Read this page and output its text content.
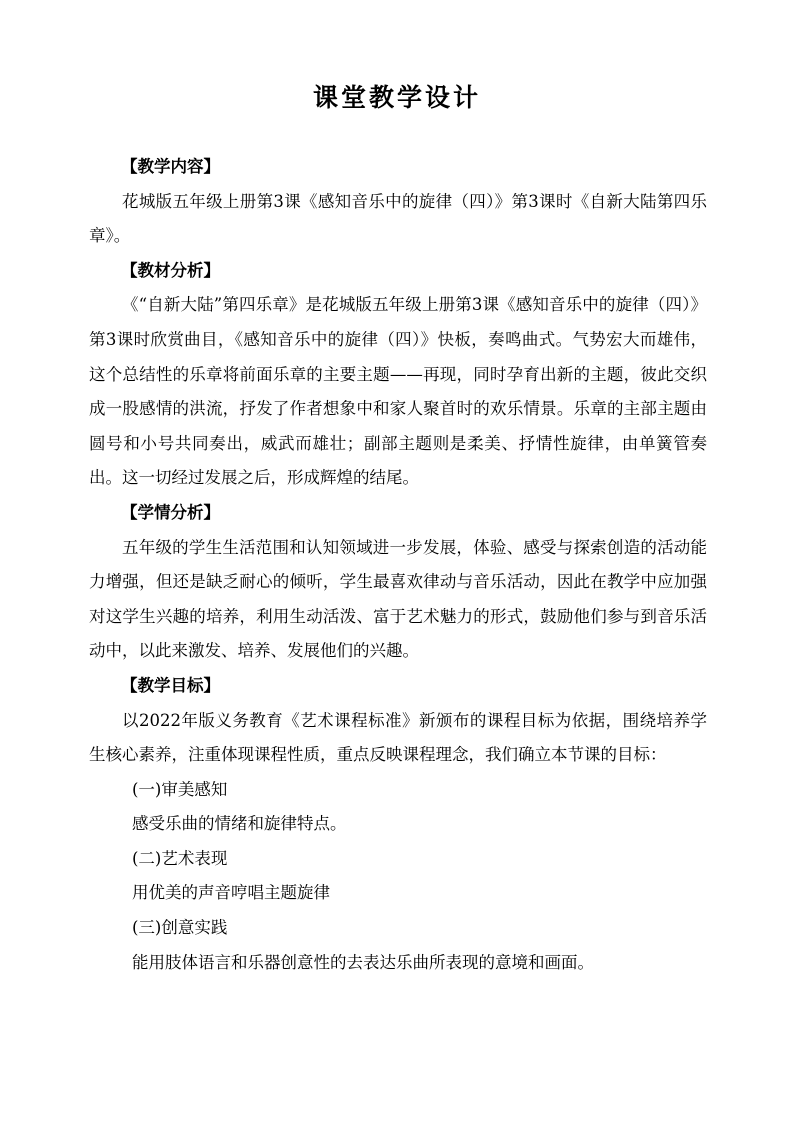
课堂教学设计

【教学内容】

花城版五年级上册第3课《感知音乐中的旋律（四）》第3课时《自新大陆第四乐章》。

【教材分析】

《“自新大陆”第四乐章》是花城版五年级上册第3课《感知音乐中的旋律（四）》第3课时欣赏曲目，《感知音乐中的旋律（四）》快板，奏鸣曲式。气势宏大而雄伟，这个总结性的乐章将前面乐章的主要主题——再现，同时孕育出新的主题，彼此交织成一股感情的洪流，抒发了作者想象中和家人聚首时的欢乐情景。乐章的主部主题由圆号和小号共同奏出，威武而雄壮；副部主题则是柔美、抒情性旋律，由单簧管奏出。这一切经过发展之后，形成辉煌的结尾。

【学情分析】

五年级的学生生活范围和认知领域进一步发展，体验、感受与探索创造的活动能力增强，但还是缺乏耐心的倾听，学生最喜欢律动与音乐活动，因此在教学中应加强对这学生兴趣的培养，利用生动活泼、富于艺术魅力的形式，鼓励他们参与到音乐活动中，以此来激发、培养、发展他们的兴趣。

【教学目标】

以2022年版义务教育《艺术课程标准》新颁布的课程目标为依据，围绕培养学生核心素养，注重体现课程性质，重点反映课程理念，我们确立本节课的目标：

(一)审美感知

感受乐曲的情绪和旋律特点。

(二)艺术表现

用优美的声音哼唱主题旋律

(三)创意实践

能用肢体语言和乐器创意性的去表达乐曲所表现的意境和画面。
